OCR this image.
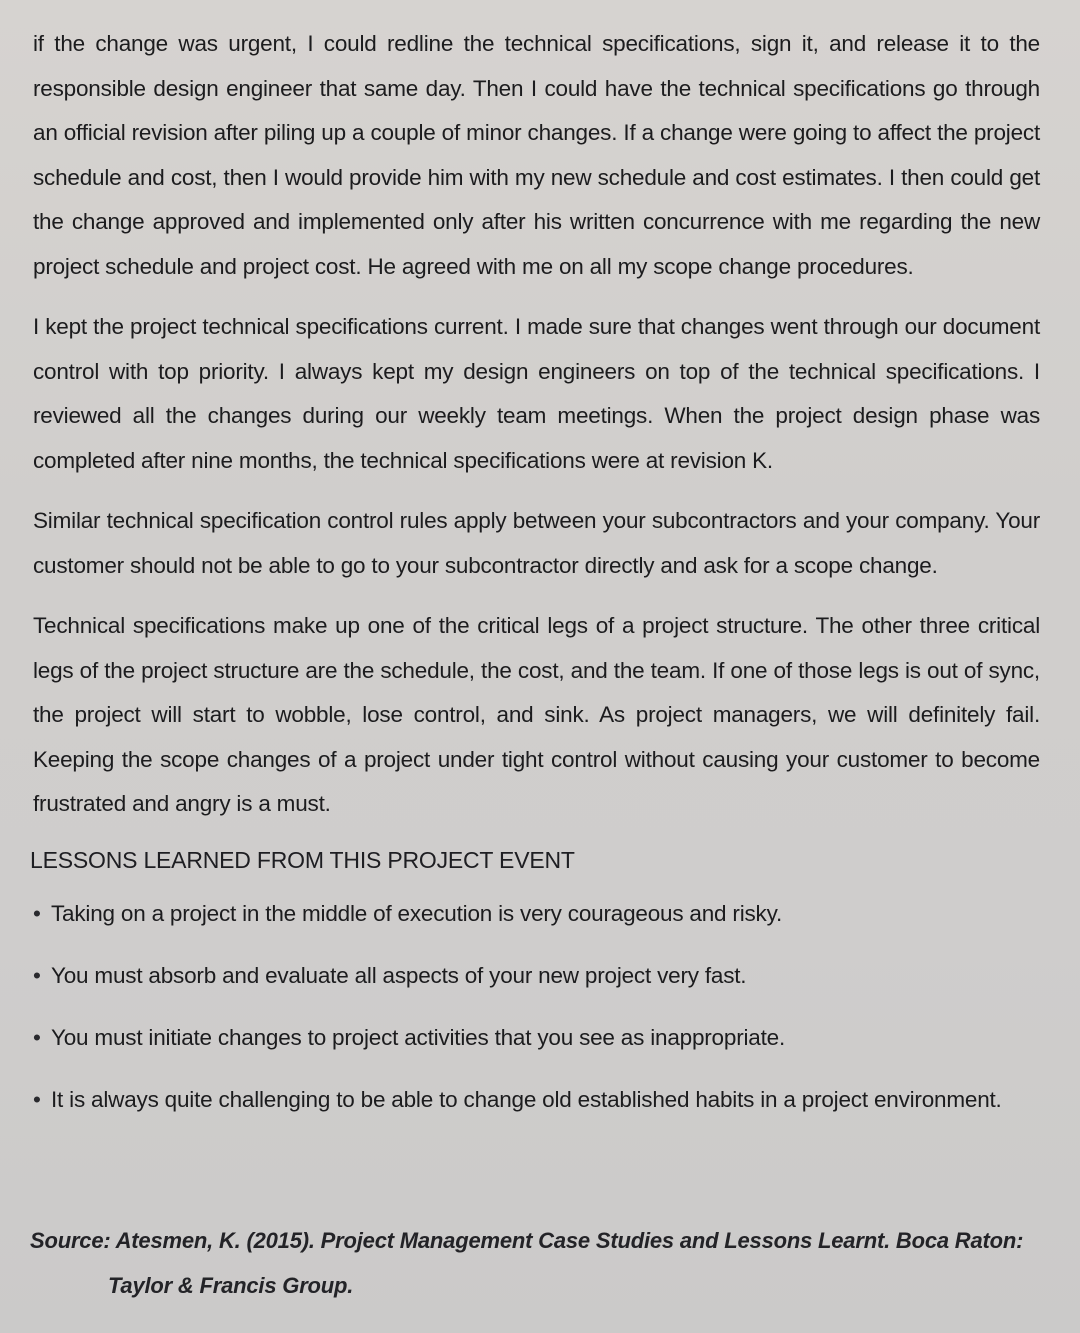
if the change was urgent, I could redline the technical specifications, sign it, and release it to the responsible design engineer that same day. Then I could have the technical specifications go through an official revision after piling up a couple of minor changes. If a change were going to affect the project schedule and cost, then I would provide him with my new schedule and cost estimates. I then could get the change approved and implemented only after his written concurrence with me regarding the new project schedule and project cost. He agreed with me on all my scope change procedures.

I kept the project technical specifications current. I made sure that changes went through our document control with top priority. I always kept my design engineers on top of the technical specifications. I reviewed all the changes during our weekly team meetings. When the project design phase was completed after nine months, the technical specifications were at revision K.

Similar technical specification control rules apply between your subcontractors and your company. Your customer should not be able to go to your subcontractor directly and ask for a scope change.

Technical specifications make up one of the critical legs of a project structure. The other three critical legs of the project structure are the schedule, the cost, and the team. If one of those legs is out of sync, the project will start to wobble, lose control, and sink. As project managers, we will definitely fail. Keeping the scope changes of a project under tight control without causing your customer to become frustrated and angry is a must.

LESSONS LEARNED FROM THIS PROJECT EVENT
• Taking on a project in the middle of execution is very courageous and risky.
• You must absorb and evaluate all aspects of your new project very fast.
• You must initiate changes to project activities that you see as inappropriate.
• It is always quite challenging to be able to change old established habits in a project environment.
Source: Atesmen, K. (2015). Project Management Case Studies and Lessons Learnt. Boca Raton:
Taylor & Francis Group.
